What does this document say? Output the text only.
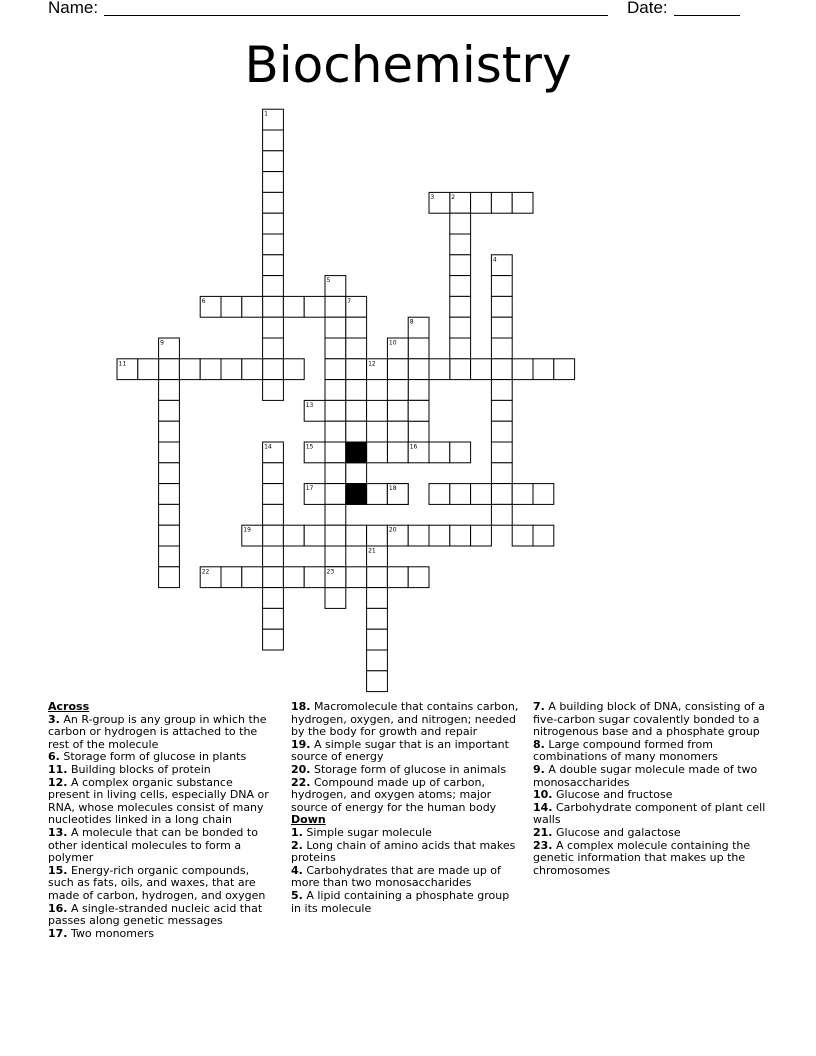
Name:	Date:
Biochemistry
1
2
3
4
5
6	7
8
9	10
11	12
13
14	15	16
17	18
19	20
21
22	23
Across
3. An R-group is any group in which the carbon or hydrogen is attached to the rest of the molecule
6. Storage form of glucose in plants
11. Building blocks of protein
12. A complex organic substance present in living cells, especially DNA or RNA, whose molecules consist of many nucleotides linked in a long chain
13. A molecule that can be bonded to other identical molecules to form a polymer
15. Energy-rich organic compounds, such as fats, oils, and waxes, that are made of carbon, hydrogen, and oxygen
16. A single-stranded nucleic acid that passes along genetic messages
17. Two monomers
18. Macromolecule that contains carbon, hydrogen, oxygen, and nitrogen; needed by the body for growth and repair
19. A simple sugar that is an important source of energy
20. Storage form of glucose in animals
22. Compound made up of carbon, hydrogen, and oxygen atoms; major source of energy for the human body
Down
1. Simple sugar molecule
2. Long chain of amino acids that makes proteins
4. Carbohydrates that are made up of more than two monosaccharides
5. A lipid containing a phosphate group in its molecule
7. A building block of DNA, consisting of a five-carbon sugar covalently bonded to a nitrogenous base and a phosphate group
8. Large compound formed from combinations of many monomers
9. A double sugar molecule made of two monosaccharides
10. Glucose and fructose
14. Carbohydrate component of plant cell walls
21. Glucose and galactose
23. A complex molecule containing the genetic information that makes up the chromosomes
